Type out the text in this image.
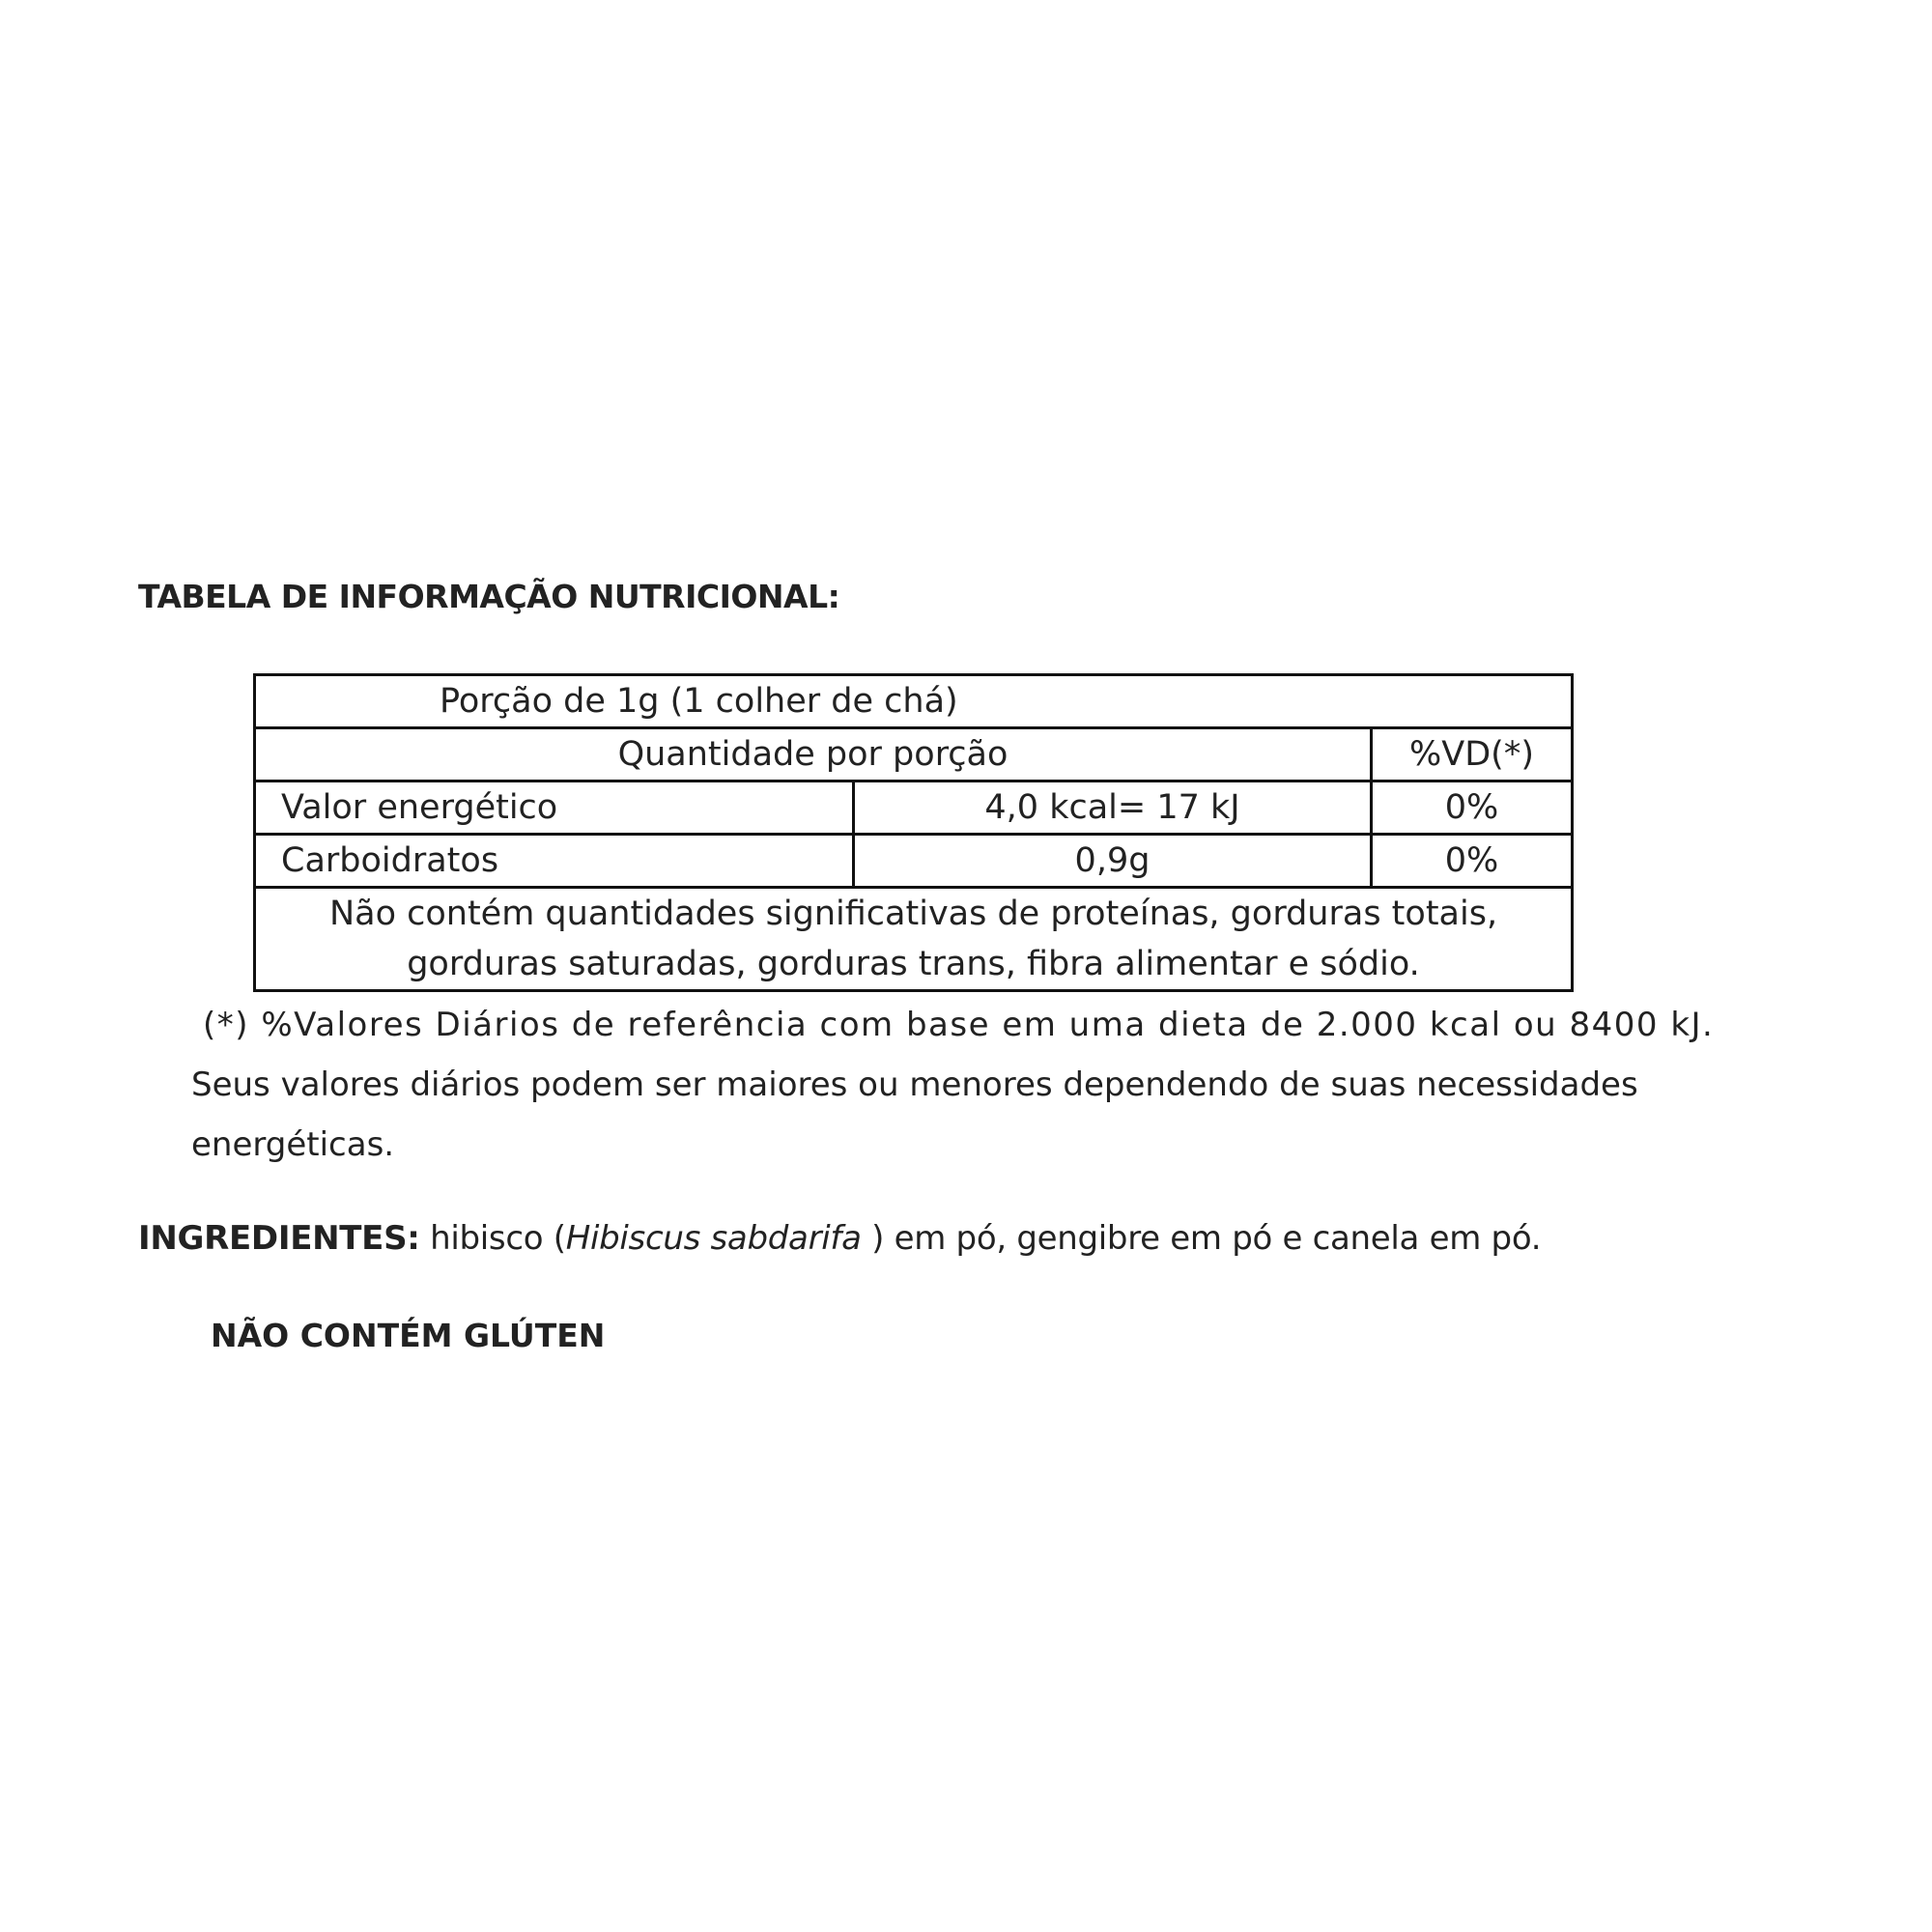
TABELA DE INFORMAÇÃO NUTRICIONAL:
Porção de 1g (1 colher de chá)		
Quantidade por porção		%VD(*)
Valor energético	4,0 kcal= 17 kJ	0%
Carboidratos	0,9g	0%
Não contém quantidades significativas de proteínas, gorduras totais,
gorduras saturadas, gorduras trans, fibra alimentar e sódio.		
(*) %Valores Diários de referência com base em uma dieta de 2.000 kcal ou 8400 kJ.
Seus valores diários podem ser maiores ou menores dependendo de suas necessidades
energéticas.
INGREDIENTES: hibisco (Hibiscus sabdarifa ) em pó, gengibre em pó e canela em pó.
NÃO CONTÉM GLÚTEN
